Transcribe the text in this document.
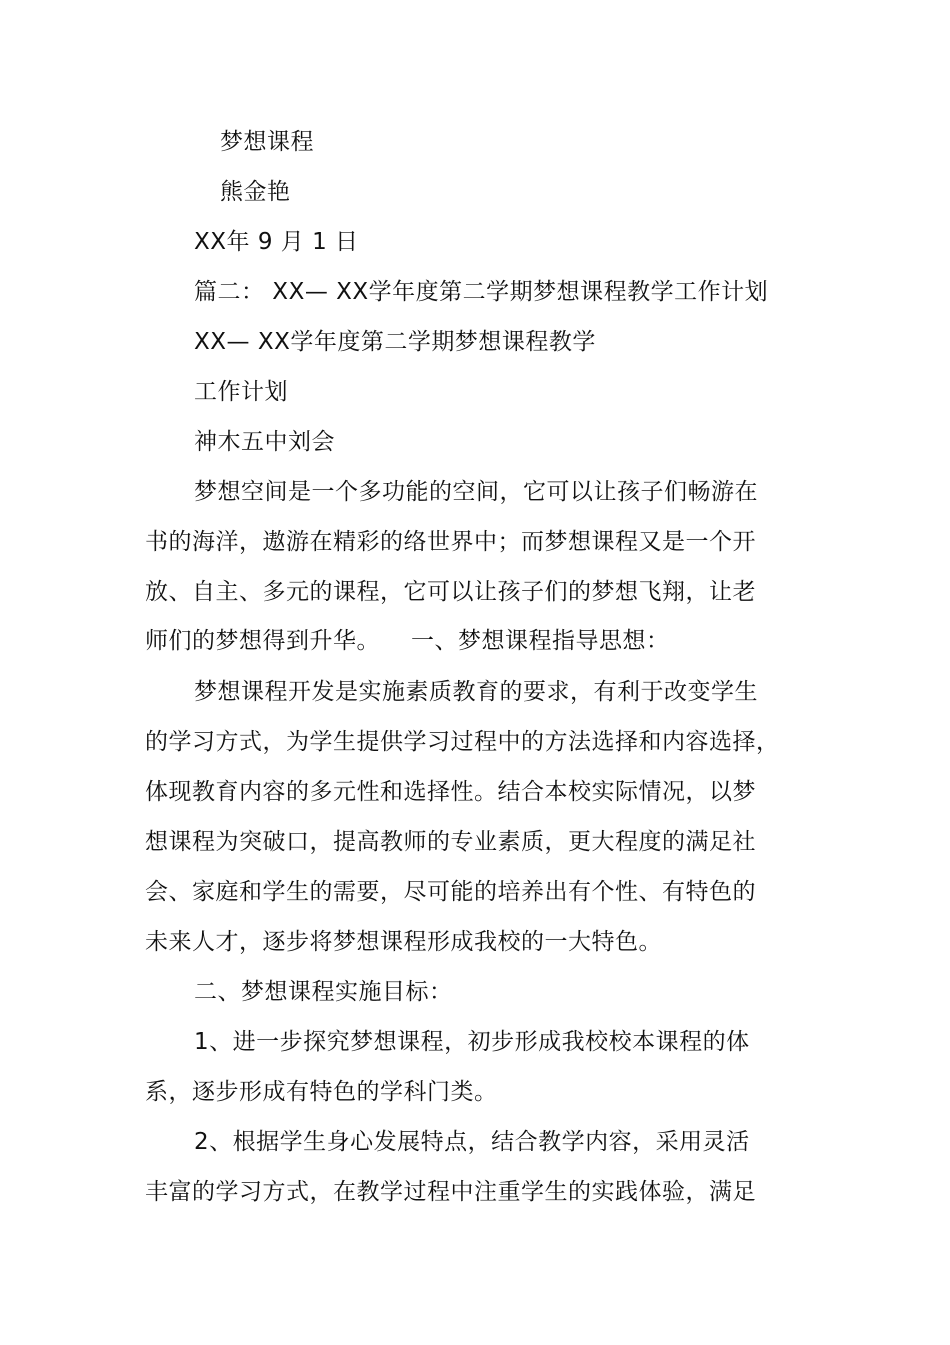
梦想课程
熊金艳
XX年 9 月 1 日
篇二： XX— XX学年度第二学期梦想课程教学工作计划
XX— XX学年度第二学期梦想课程教学
工作计划
神木五中刘会
梦想空间是一个多功能的空间，它可以让孩子们畅游在
书的海洋，遨游在精彩的络世界中；而梦想课程又是一个开
放、自主、多元的课程，它可以让孩子们的梦想飞翔，让老
师们的梦想得到升华。 一、梦想课程指导思想：
梦想课程开发是实施素质教育的要求，有利于改变学生
的学习方式，为学生提供学习过程中的方法选择和内容选择，
体现教育内容的多元性和选择性。结合本校实际情况，以梦
想课程为突破口，提高教师的专业素质，更大程度的满足社
会、家庭和学生的需要，尽可能的培养出有个性、有特色的
未来人才，逐步将梦想课程形成我校的一大特色。
二、梦想课程实施目标：
1、进一步探究梦想课程，初步形成我校校本课程的体
系，逐步形成有特色的学科门类。
2、根据学生身心发展特点，结合教学内容，采用灵活
丰富的学习方式，在教学过程中注重学生的实践体验，满足
